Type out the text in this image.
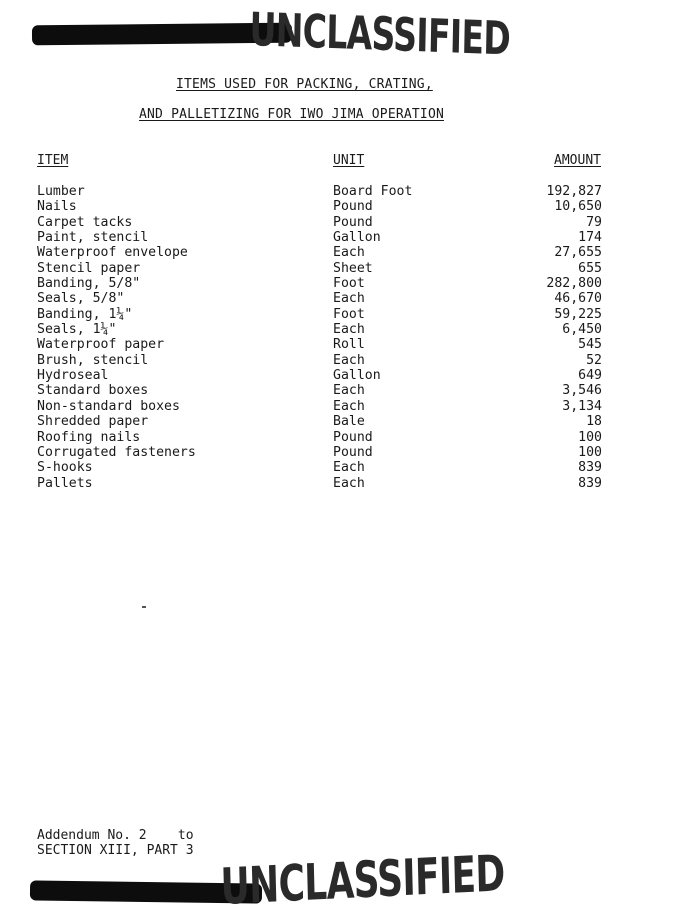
UNCLASSIFIED
ITEMS USED FOR PACKING, CRATING,
AND PALLETIZING FOR IWO JIMA OPERATION
ITEM	UNIT	AMOUNT
Lumber	Board Foot	192,827
Nails	Pound	10,650
Carpet tacks	Pound	79
Paint, stencil	Gallon	174
Waterproof envelope	Each	27,655
Stencil paper	Sheet	655
Banding, 5/8"	Foot	282,800
Seals, 5/8"	Each	46,670
Banding, 1¼"	Foot	59,225
Seals, 1¼"	Each	6,450
Waterproof paper	Roll	545
Brush, stencil	Each	52
Hydroseal	Gallon	649
Standard boxes	Each	3,546
Non-standard boxes	Each	3,134
Shredded paper	Bale	18
Roofing nails	Pound	100
Corrugated fasteners	Pound	100
S-hooks	Each	839
Pallets	Each	839
Addendum No. 2    to
SECTION XIII, PART 3 UNCLASSIFIED
